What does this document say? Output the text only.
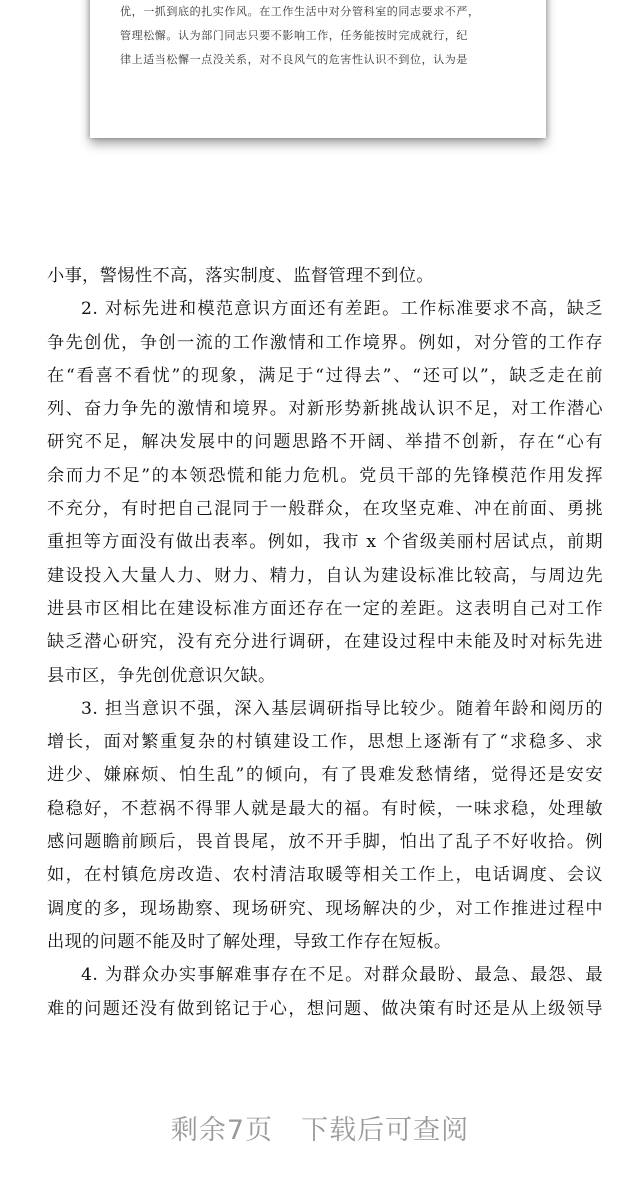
优，一抓到底的扎实作风。在工作生活中对分管科室的同志要求不严，
管理松懈。认为部门同志只要不影响工作，任务能按时完成就行，纪
律上适当松懈一点没关系，对不良风气的危害性认识不到位，认为是
小事，警惕性不高，落实制度、监督管理不到位。
2. 对标先进和模范意识方面还有差距。工作标准要求不高，缺乏
争先创优，争创一流的工作激情和工作境界。例如，对分管的工作存
在“看喜不看忧”的现象，满足于“过得去”、“还可以”，缺乏走在前
列、奋力争先的激情和境界。对新形势新挑战认识不足，对工作潜心
研究不足，解决发展中的问题思路不开阔、举措不创新，存在“心有
余而力不足”的本领恐慌和能力危机。党员干部的先锋模范作用发挥
不充分，有时把自己混同于一般群众，在攻坚克难、冲在前面、勇挑
重担等方面没有做出表率。例如，我市 x 个省级美丽村居试点，前期
建设投入大量人力、财力、精力，自认为建设标准比较高，与周边先
进县市区相比在建设标准方面还存在一定的差距。这表明自己对工作
缺乏潜心研究，没有充分进行调研，在建设过程中未能及时对标先进
县市区，争先创优意识欠缺。
3. 担当意识不强，深入基层调研指导比较少。随着年龄和阅历的
增长，面对繁重复杂的村镇建设工作，思想上逐渐有了“求稳多、求
进少、嫌麻烦、怕生乱”的倾向，有了畏难发愁情绪，觉得还是安安
稳稳好，不惹祸不得罪人就是最大的福。有时候，一味求稳，处理敏
感问题瞻前顾后，畏首畏尾，放不开手脚，怕出了乱子不好收拾。例
如，在村镇危房改造、农村清洁取暖等相关工作上，电话调度、会议
调度的多，现场勘察、现场研究、现场解决的少，对工作推进过程中
出现的问题不能及时了解处理，导致工作存在短板。
4. 为群众办实事解难事存在不足。对群众最盼、最急、最怨、最
难的问题还没有做到铭记于心，想问题、做决策有时还是从上级领导
剩余7页 下载后可查阅
